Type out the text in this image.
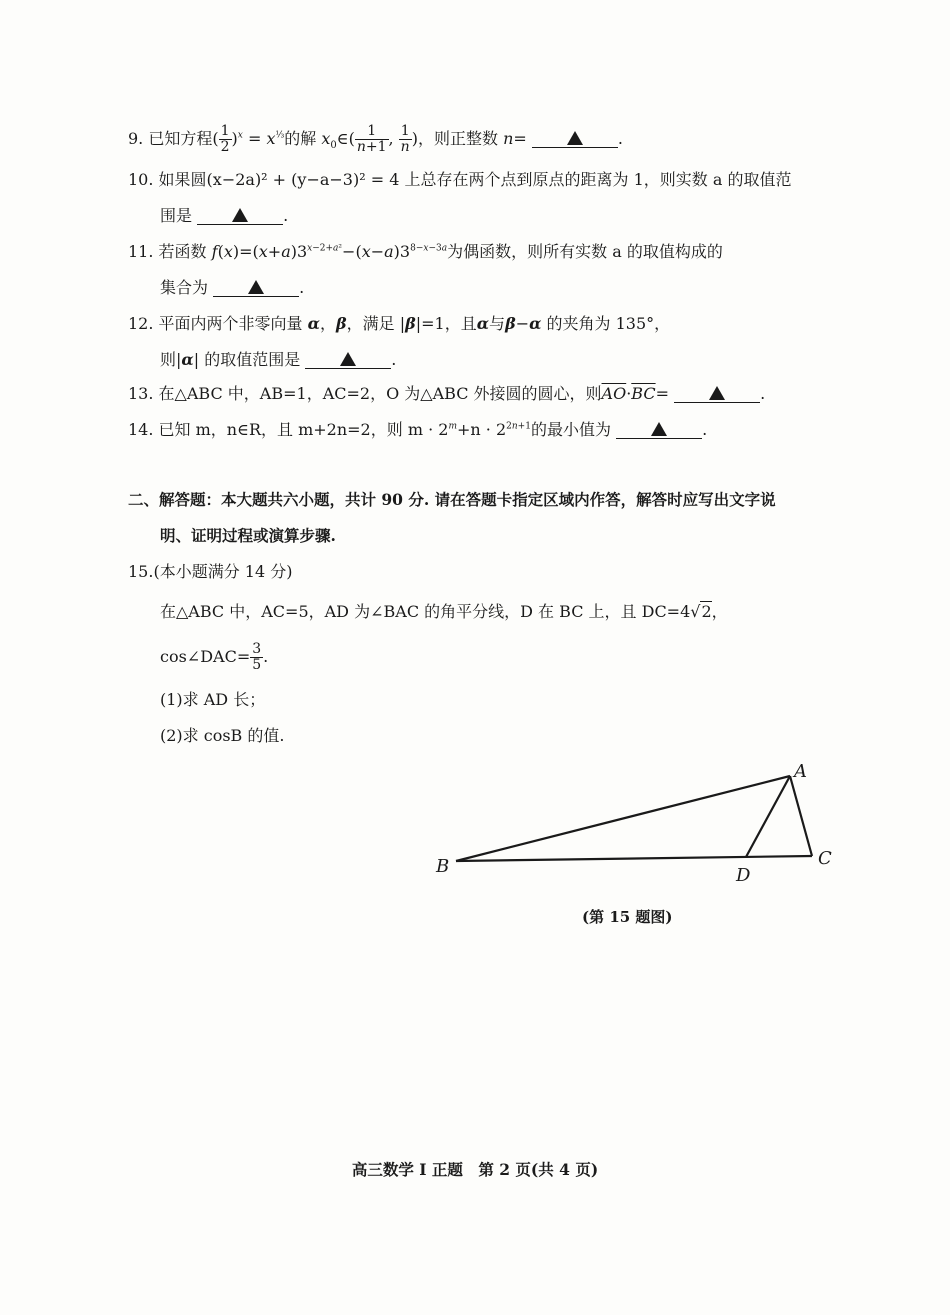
9. 已知方程( $\frac{1}{2} )^x = x^{\frac{1}{3}}$的解 $x_0\in( \frac{1}{n+1}$ , $\frac{1}{n}$ )，则正整数 n=	.
10. 如果圆(x−2a)² + (y−a−3)² = 4 上总存在两个点到原点的距离为 1，则实数 a 的取值范
围是	.
11. 若函数 $f(x)=(x+a)3^{x-2+a^2}-(x-a)3^{8-x-3a}$为偶函数，则所有实数 a 的取值构成的
集合为	.
12. 平面内两个非零向量 α，β，满足 |β|=1，且α与β−α 的夹角为 135°，
则|α| 的取值范围是	.
13. 在△ABC 中，AB=1，AC=2，O 为△ABC 外接圆的圆心，则$\overline{AO}\cdot\overline{BC}=$	.
14. 已知 m，n∈R，且 m+2n=2，则 $m \cdot 2^m+n \cdot 2^{2n+1}$的最小值为	.
二、解答题：本大题共六小题，共计 90 分. 请在答题卡指定区域内作答，解答时应写出文字说
明、证明过程或演算步骤.
15.(本小题满分 14 分)
在△ABC 中，AC=5，AD 为∠BAC 的角平分线，D 在 BC 上，且 DC=4√2，
cos∠DAC= $\frac{3}{5}$ .
(1)求 AD 长；
(2)求 cosB 的值.
A
B	C
D
(第 15 题图)
高三数学 I 正题　第 2 页(共 4 页)
